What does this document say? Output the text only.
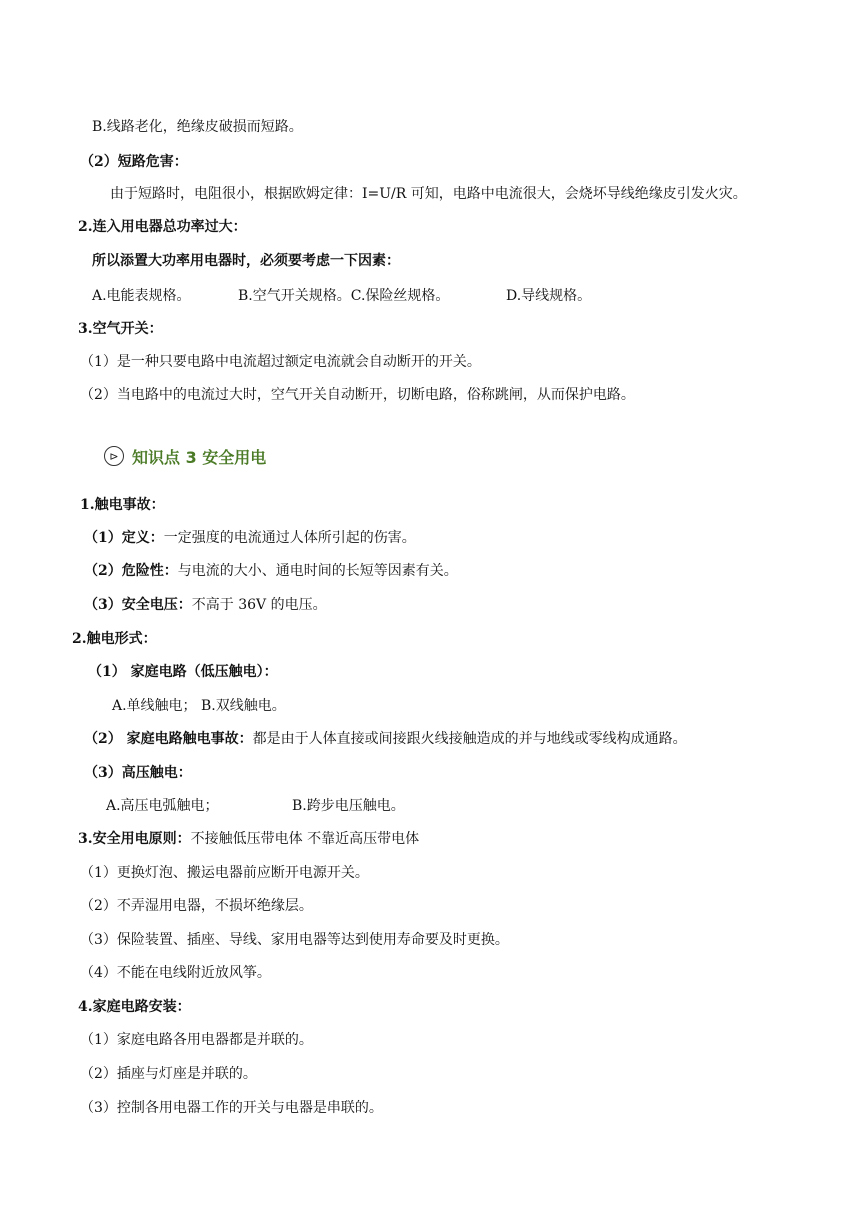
B.线路老化，绝缘皮破损而短路。
（2）短路危害：
由于短路时，电阻很小，根据欧姆定律：I=U/R 可知，电路中电流很大，会烧坏导线绝缘皮引发火灾。
2.连入用电器总功率过大：
所以添置大功率用电器时，必须要考虑一下因素：
A.电能表规格。	B.空气开关规格。C.保险丝规格。	D.导线规格。
3.空气开关：
（1）是一种只要电路中电流超过额定电流就会自动断开的开关。
（2）当电路中的电流过大时，空气开关自动断开，切断电路，俗称跳闸，从而保护电路。
⊳ 知识点 3 安全用电
1.触电事故：
（1）定义：一定强度的电流通过人体所引起的伤害。
（2）危险性：与电流的大小、通电时间的长短等因素有关。
（3）安全电压：不高于 36V 的电压。
2.触电形式：
（1） 家庭电路（低压触电）：
A.单线触电； B.双线触电。
（2） 家庭电路触电事故：都是由于人体直接或间接跟火线接触造成的并与地线或零线构成通路。
（3）高压触电：
A.高压电弧触电；	B.跨步电压触电。
3.安全用电原则：不接触低压带电体 不靠近高压带电体
（1）更换灯泡、搬运电器前应断开电源开关。
（2）不弄湿用电器，不损坏绝缘层。
（3）保险装置、插座、导线、家用电器等达到使用寿命要及时更换。
（4）不能在电线附近放风筝。
4.家庭电路安装：
（1）家庭电路各用电器都是并联的。
（2）插座与灯座是并联的。
（3）控制各用电器工作的开关与电器是串联的。
